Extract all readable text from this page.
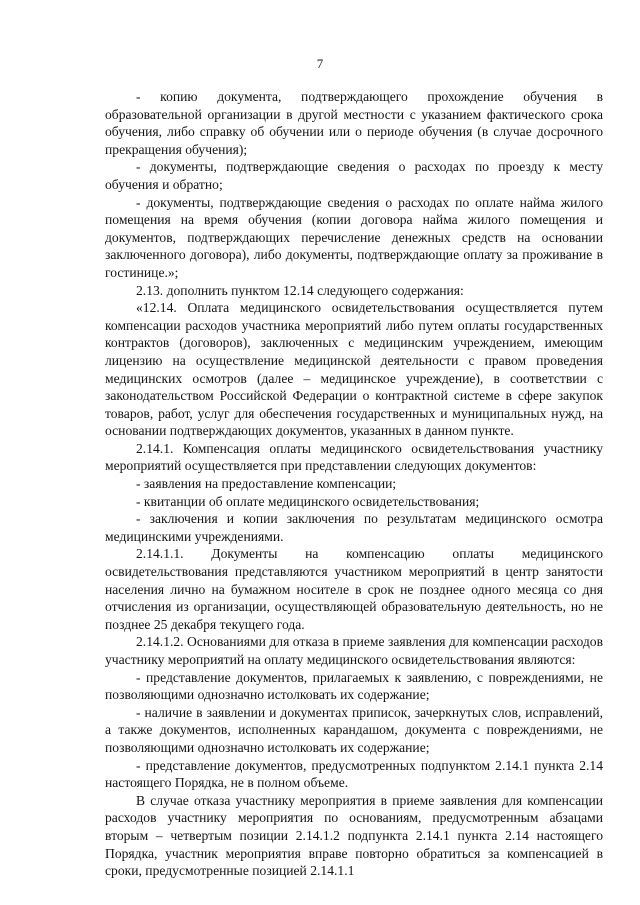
7

- копию документа, подтверждающего прохождение обучения в образовательной организации в другой местности с указанием фактического срока обучения, либо справку об обучении или о периоде обучения (в случае досрочного прекращения обучения);

- документы, подтверждающие сведения о расходах по проезду к месту обучения и обратно;

- документы, подтверждающие сведения о расходах по оплате найма жилого помещения на время обучения (копии договора найма жилого помещения и документов, подтверждающих перечисление денежных средств на основании заключенного договора), либо документы, подтверждающие оплату за проживание в гостинице.»;

2.13. дополнить пунктом 12.14 следующего содержания:

«12.14. Оплата медицинского освидетельствования осуществляется путем компенсации расходов участника мероприятий либо путем оплаты государственных контрактов (договоров), заключенных с медицинским учреждением, имеющим лицензию на осуществление медицинской деятельности с правом проведения медицинских осмотров (далее – медицинское учреждение), в соответствии с законодательством Российской Федерации о контрактной системе в сфере закупок товаров, работ, услуг для обеспечения государственных и муниципальных нужд, на основании подтверждающих документов, указанных в данном пункте.

2.14.1. Компенсация оплаты медицинского освидетельствования участнику мероприятий осуществляется при представлении следующих документов:

- заявления на предоставление компенсации;

- квитанции об оплате медицинского освидетельствования;

- заключения и копии заключения по результатам медицинского осмотра медицинскими учреждениями.

2.14.1.1. Документы на компенсацию оплаты медицинского освидетельствования представляются участником мероприятий в центр занятости населения лично на бумажном носителе в срок не позднее одного месяца со дня отчисления из организации, осуществляющей образовательную деятельность, но не позднее 25 декабря текущего года.

2.14.1.2. Основаниями для отказа в приеме заявления для компенсации расходов участнику мероприятий на оплату медицинского освидетельствования являются:

- представление документов, прилагаемых к заявлению, с повреждениями, не позволяющими однозначно истолковать их содержание;

- наличие в заявлении и документах приписок, зачеркнутых слов, исправлений, а также документов, исполненных карандашом, документа с повреждениями, не позволяющими однозначно истолковать их содержание;

- представление документов, предусмотренных подпунктом 2.14.1 пункта 2.14 настоящего Порядка, не в полном объеме.

В случае отказа участнику мероприятия в приеме заявления для компенсации расходов участнику мероприятия по основаниям, предусмотренным абзацами вторым – четвертым позиции 2.14.1.2 подпункта 2.14.1 пункта 2.14 настоящего Порядка, участник мероприятия вправе повторно обратиться за компенсацией в сроки, предусмотренные позицией 2.14.1.1
